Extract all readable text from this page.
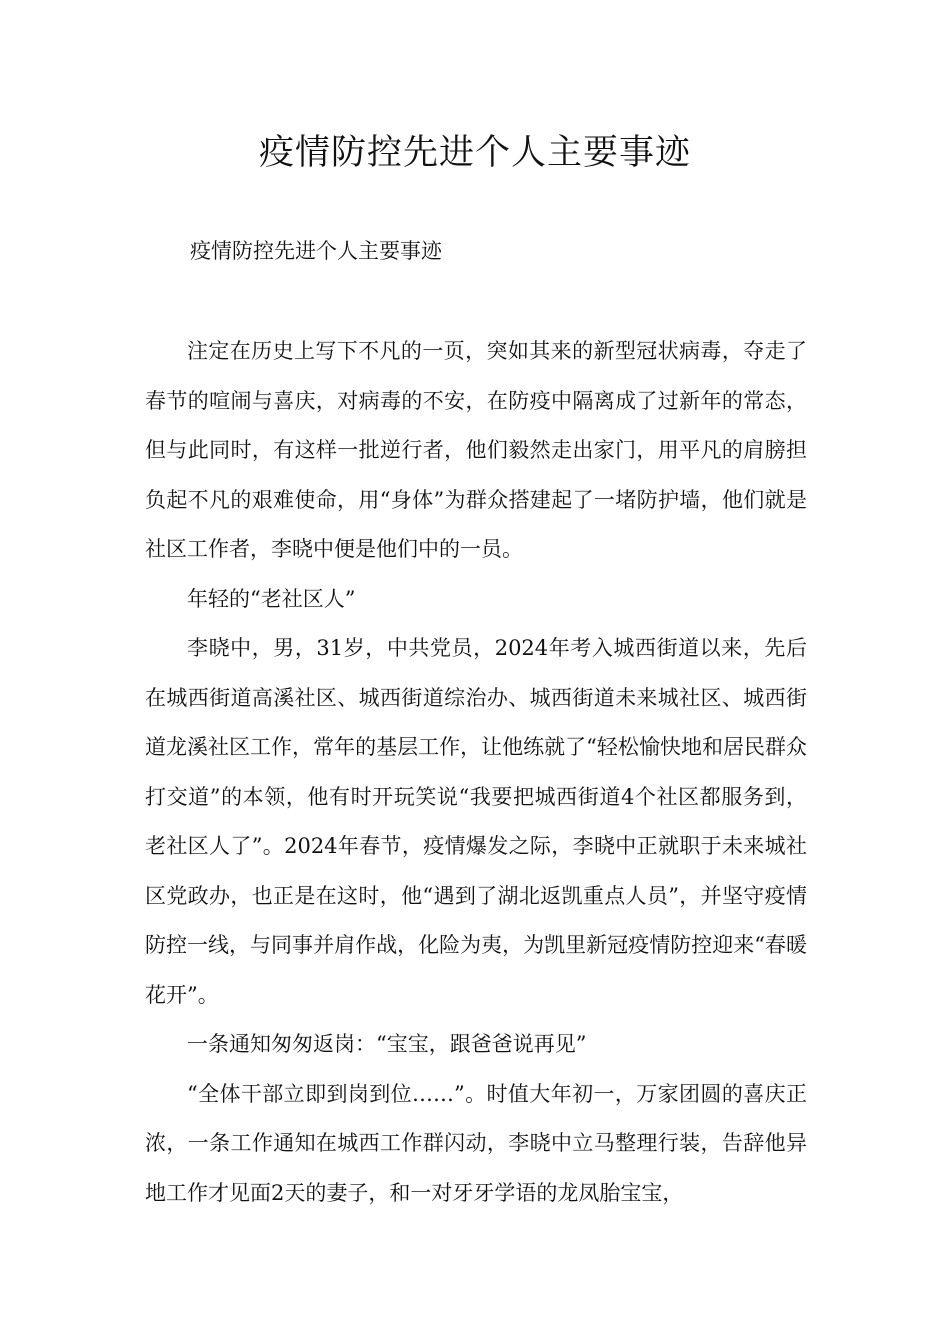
疫情防控先进个人主要事迹
疫情防控先进个人主要事迹

注定在历史上写下不凡的一页，突如其来的新型冠状病毒，夺走了春节的喧闹与喜庆，对病毒的不安，在防疫中隔离成了过新年的常态，但与此同时，有这样一批逆行者，他们毅然走出家门，用平凡的肩膀担负起不凡的艰难使命，用“身体”为群众搭建起了一堵防护墙，他们就是社区工作者，李晓中便是他们中的一员。

年轻的“老社区人”

李晓中，男，31岁，中共党员，2024年考入城西街道以来，先后在城西街道高溪社区、城西街道综治办、城西街道未来城社区、城西街道龙溪社区工作，常年的基层工作，让他练就了“轻松愉快地和居民群众打交道”的本领，他有时开玩笑说“我要把城西街道4个社区都服务到，老社区人了”。2024年春节，疫情爆发之际，李晓中正就职于未来城社区党政办，也正是在这时，他“遇到了湖北返凯重点人员”，并坚守疫情防控一线，与同事并肩作战，化险为夷，为凯里新冠疫情防控迎来“春暖花开”。

一条通知匆匆返岗：“宝宝，跟爸爸说再见”

“全体干部立即到岗到位……”。时值大年初一，万家团圆的喜庆正浓，一条工作通知在城西工作群闪动，李晓中立马整理行装，告辞他异地工作才见面2天的妻子，和一对牙牙学语的龙凤胎宝宝，
